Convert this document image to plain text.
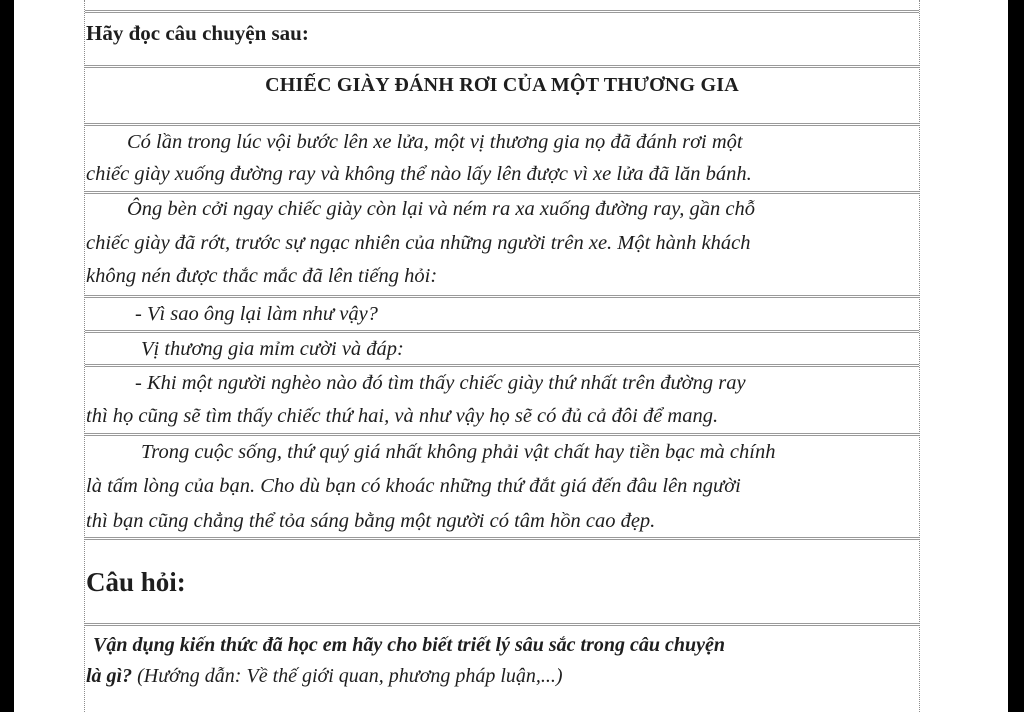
Hãy đọc câu chuyện sau:
CHIẾC GIÀY ĐÁNH RƠI CỦA MỘT THƯƠNG GIA
Có lần trong lúc vội bước lên xe lửa, một vị thương gia nọ đã đánh rơi một
chiếc giày xuống đường ray và không thể nào lấy lên được vì xe lửa đã lăn bánh.
Ông bèn cởi ngay chiếc giày còn lại và ném ra xa xuống đường ray, gần chỗ
chiếc giày đã rớt, trước sự ngạc nhiên của những người trên xe. Một hành khách
không nén được thắc mắc đã lên tiếng hỏi:
- Vì sao ông lại làm như vậy?
Vị thương gia mỉm cười và đáp:
- Khi một người nghèo nào đó tìm thấy chiếc giày thứ nhất trên đường ray
thì họ cũng sẽ tìm thấy chiếc thứ hai, và như vậy họ sẽ có đủ cả đôi để mang.
Trong cuộc sống, thứ quý giá nhất không phải vật chất hay tiền bạc mà chính
là tấm lòng của bạn. Cho dù bạn có khoác những thứ đắt giá đến đâu lên người
thì bạn cũng chẳng thể tỏa sáng bằng một người có tâm hồn cao đẹp.
Câu hỏi:
Vận dụng kiến thức đã học em hãy cho biết triết lý sâu sắc trong câu chuyện
là gì? (Hướng dẫn: Về thế giới quan, phương pháp luận,...)
